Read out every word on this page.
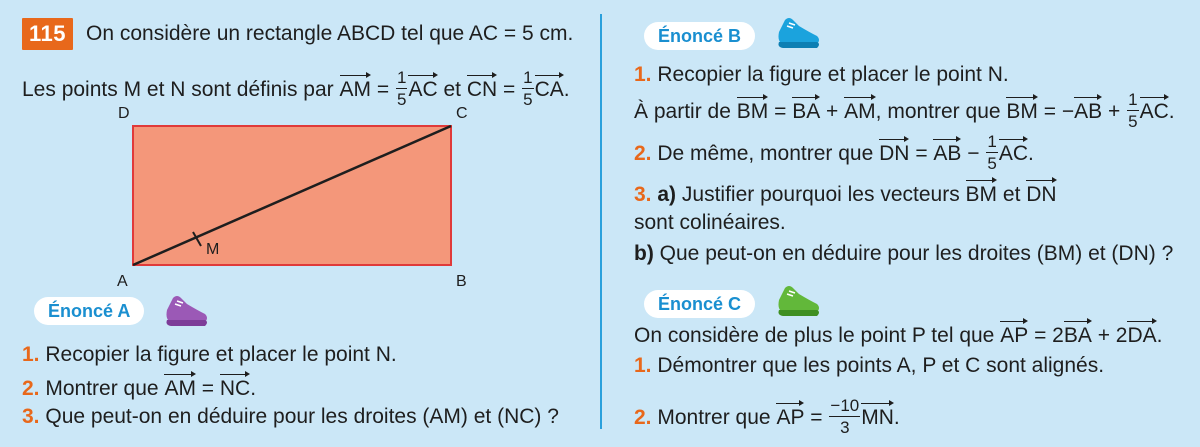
115 On considère un rectangle ABCD tel que AC = 5 cm.
Les points M et N sont définis par AM = $\frac{1}{5}$ AC et CN = $\frac{1}{5}$ CA.
D	C
A	B
M
Énoncé A
1. Recopier la figure et placer le point N.
2. Montrer que AM = NC.
3. Que peut-on en déduire pour les droites (AM) et (NC) ?
Énoncé B
1. Recopier la figure et placer le point N.
À partir de BM = BA + AM, montrer que BM = $-AB + \frac{1}{5}$ AC.
2. De même, montrer que DN = AB − $\frac{1}{5}$ AC.
3. a) Justifier pourquoi les vecteurs BM et DN
sont colinéaires.
b) Que peut-on en déduire pour les droites (BM) et (DN) ?
Énoncé C
On considère de plus le point P tel que AP = 2BA + 2DA.
1. Démontrer que les points A, P et C sont alignés.
2. Montrer que AP = $\frac{-10}{3}$ MN.
